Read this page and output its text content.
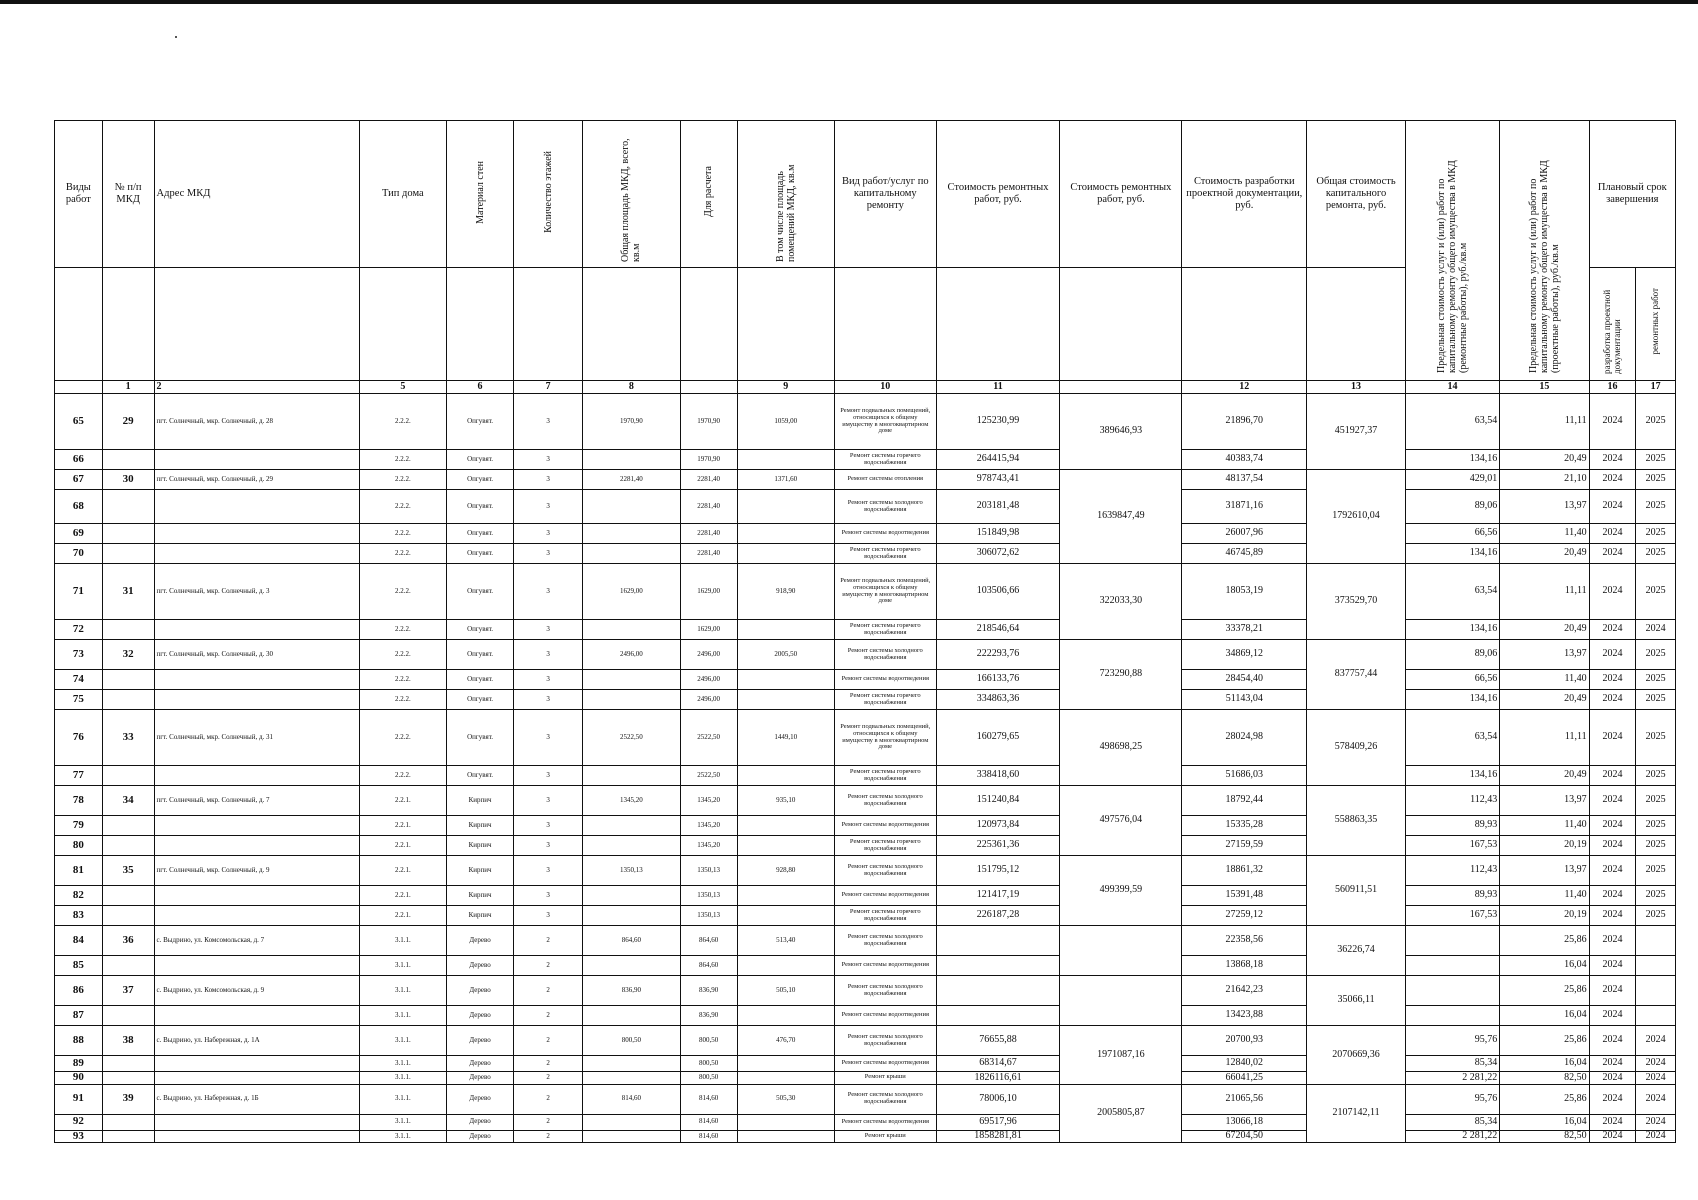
Виды работ	№ п/п МКД	Адрес МКД	Тип дома	Материал стен	Количество этажей	Общая площадь МКД, всего, кв.м	Для расчета	В том числе площадь помещений МКД, кв.м	Вид работ/услуг по капитальному ремонту	Стоимость ремонтных работ, руб.	Стоимость ремонтных работ, руб.	Стоимость разработки проектной документации, руб.	Общая стоимость капитального ремонта, руб.	Предельная стоимость услуг и (или) работ по капитальному ремонту общего имущества в МКД (ремонтные работы), руб./кв.м	Предельная стоимость услуг и (или) работ по капитальному ремонту общего имущества в МКД (проектные работы), руб./кв.м	Плановый срок завершения	
																разработка проектной документации	ремонтных работ
	1	2	5	6	7	8		9	10	11		12	13	14	15	16	17
65	29	пгт. Солнечный, мкр. Солнечный, д. 28	2.2.2.	Опгувят.	3	1970,90	1970,90	1059,00	Ремонт подвальных помещений, относящихся к общему имуществу в многоквартирном доме	125230,99	389646,93	21896,70	451927,37	63,54	11,11	2024	2025
66			2.2.2.	Опгувят.	3		1970,90		Ремонт системы горячего водоснабжения	264415,94		40383,74		134,16	20,49	2024	2025
67	30	пгт. Солнечный, мкр. Солнечный, д. 29	2.2.2.	Опгувят.	3	2281,40	2281,40	1371,60	Ремонт системы отопления	978743,41	1639847,49	48137,54	1792610,04	429,01	21,10	2024	2025
68			2.2.2.	Опгувят.	3		2281,40		Ремонт системы холодного водоснабжения	203181,48		31871,16		89,06	13,97	2024	2025
69			2.2.2.	Опгувят.	3		2281,40		Ремонт системы водоотведения	151849,98		26007,96		66,56	11,40	2024	2025
70			2.2.2.	Опгувят.	3		2281,40		Ремонт системы горячего водоснабжения	306072,62		46745,89		134,16	20,49	2024	2025
71	31	пгт. Солнечный, мкр. Солнечный, д. 3	2.2.2.	Опгувят.	3	1629,00	1629,00	918,90	Ремонт подвальных помещений, относящихся к общему имуществу в многоквартирном доме	103506,66	322033,30	18053,19	373529,70	63,54	11,11	2024	2025
72			2.2.2.	Опгувят.	3		1629,00		Ремонт системы горячего водоснабжения	218546,64		33378,21		134,16	20,49	2024	2024
73	32	пгт. Солнечный, мкр. Солнечный, д. 30	2.2.2.	Опгувят.	3	2496,00	2496,00	2005,50	Ремонт системы холодного водоснабжения	222293,76	723290,88	34869,12	837757,44	89,06	13,97	2024	2025
74			2.2.2.	Опгувят.	3		2496,00		Ремонт системы водоотведения	166133,76		28454,40		66,56	11,40	2024	2025
75			2.2.2.	Опгувят.	3		2496,00		Ремонт системы горячего водоснабжения	334863,36		51143,04		134,16	20,49	2024	2025
76	33	пгт. Солнечный, мкр. Солнечный, д. 31	2.2.2.	Опгувят.	3	2522,50	2522,50	1449,10	Ремонт подвальных помещений, относящихся к общему имуществу в многоквартирном доме	160279,65	498698,25	28024,98	578409,26	63,54	11,11	2024	2025
77			2.2.2.	Опгувят.	3		2522,50		Ремонт системы горячего водоснабжения	338418,60		51686,03		134,16	20,49	2024	2025
78	34	пгт. Солнечный, мкр. Солнечный, д. 7	2.2.1.	Кирпич	3	1345,20	1345,20	935,10	Ремонт системы холодного водоснабжения	151240,84	497576,04	18792,44	558863,35	112,43	13,97	2024	2025
79			2.2.1.	Кирпич	3		1345,20		Ремонт системы водоотведения	120973,84		15335,28		89,93	11,40	2024	2025
80			2.2.1.	Кирпич	3		1345,20		Ремонт системы горячего водоснабжения	225361,36		27159,59		167,53	20,19	2024	2025
81	35	пгт. Солнечный, мкр. Солнечный, д. 9	2.2.1.	Кирпич	3	1350,13	1350,13	928,80	Ремонт системы холодного водоснабжения	151795,12	499399,59	18861,32	560911,51	112,43	13,97	2024	2025
82			2.2.1.	Кирпич	3		1350,13		Ремонт системы водоотведения	121417,19		15391,48		89,93	11,40	2024	2025
83			2.2.1.	Кирпич	3		1350,13		Ремонт системы горячего водоснабжения	226187,28		27259,12		167,53	20,19	2024	2025
84	36	с. Выдрино, ул. Комсомольская, д. 7	3.1.1.	Дерево	2	864,60	864,60	513,40	Ремонт системы холодного водоснабжения			22358,56	36226,74		25,86	2024	
85			3.1.1.	Дерево	2		864,60		Ремонт системы водоотведения			13868,18			16,04	2024	
86	37	с. Выдрино, ул. Комсомольская, д. 9	3.1.1.	Дерево	2	836,90	836,90	505,10	Ремонт системы холодного водоснабжения			21642,23	35066,11		25,86	2024	
87			3.1.1.	Дерево	2		836,90		Ремонт системы водоотведения			13423,88			16,04	2024	
88	38	с. Выдрино, ул. Набережная, д. 1А	3.1.1.	Дерево	2	800,50	800,50	476,70	Ремонт системы холодного водоснабжения	76655,88	1971087,16	20700,93	2070669,36	95,76	25,86	2024	2024
89			3.1.1.	Дерево	2		800,50		Ремонт системы водоотведения	68314,67		12840,02		85,34	16,04	2024	2024
90			3.1.1.	Дерево	2		800,50		Ремонт крыши	1826116,61		66041,25		2 281,22	82,50	2024	2024
91	39	с. Выдрино, ул. Набережная, д. 1Б	3.1.1.	Дерево	2	814,60	814,60	505,30	Ремонт системы холодного водоснабжения	78006,10	2005805,87	21065,56	2107142,11	95,76	25,86	2024	2024
92			3.1.1.	Дерево	2		814,60		Ремонт системы водоотведения	69517,96		13066,18		85,34	16,04	2024	2024
93			3.1.1.	Дерево	2		814,60		Ремонт крыши	1858281,81		67204,50		2 281,22	82,50	2024	2024
